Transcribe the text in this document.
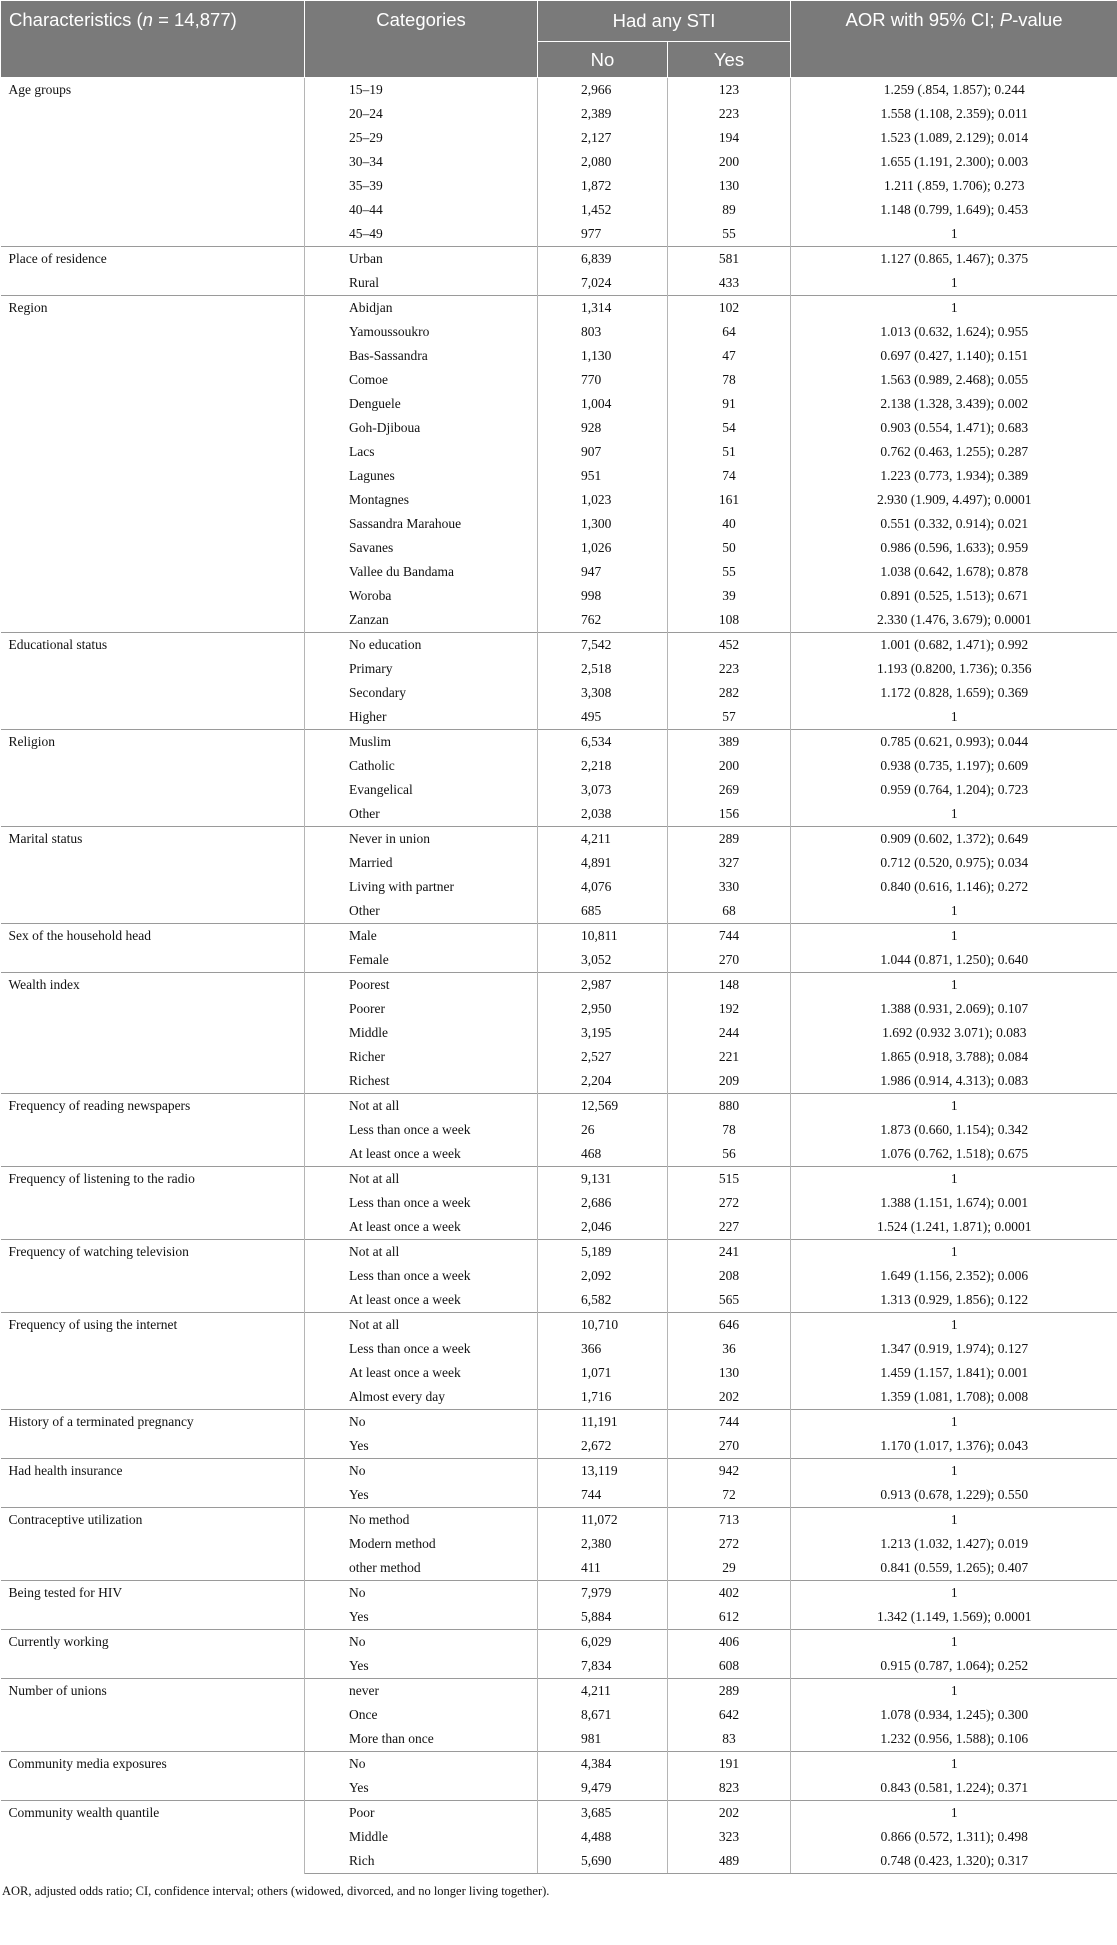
Characteristics (n = 14,877)	Categories	Had any STI		AOR with 95% CI; P-value
		No	Yes	
Age groups	15–19	2,966	123	1.259 (.854, 1.857); 0.244
	20–24	2,389	223	1.558 (1.108, 2.359); 0.011
	25–29	2,127	194	1.523 (1.089, 2.129); 0.014
	30–34	2,080	200	1.655 (1.191, 2.300); 0.003
	35–39	1,872	130	1.211 (.859, 1.706); 0.273
	40–44	1,452	89	1.148 (0.799, 1.649); 0.453
	45–49	977	55	1
Place of residence	Urban	6,839	581	1.127 (0.865, 1.467); 0.375
	Rural	7,024	433	1
Region	Abidjan	1,314	102	1
	Yamoussoukro	803	64	1.013 (0.632, 1.624); 0.955
	Bas-Sassandra	1,130	47	0.697 (0.427, 1.140); 0.151
	Comoe	770	78	1.563 (0.989, 2.468); 0.055
	Denguele	1,004	91	2.138 (1.328, 3.439); 0.002
	Goh-Djiboua	928	54	0.903 (0.554, 1.471); 0.683
	Lacs	907	51	0.762 (0.463, 1.255); 0.287
	Lagunes	951	74	1.223 (0.773, 1.934); 0.389
	Montagnes	1,023	161	2.930 (1.909, 4.497); 0.0001
	Sassandra Marahoue	1,300	40	0.551 (0.332, 0.914); 0.021
	Savanes	1,026	50	0.986 (0.596, 1.633); 0.959
	Vallee du Bandama	947	55	1.038 (0.642, 1.678); 0.878
	Woroba	998	39	0.891 (0.525, 1.513); 0.671
	Zanzan	762	108	2.330 (1.476, 3.679); 0.0001
Educational status	No education	7,542	452	1.001 (0.682, 1.471); 0.992
	Primary	2,518	223	1.193 (0.8200, 1.736); 0.356
	Secondary	3,308	282	1.172 (0.828, 1.659); 0.369
	Higher	495	57	1
Religion	Muslim	6,534	389	0.785 (0.621, 0.993); 0.044
	Catholic	2,218	200	0.938 (0.735, 1.197); 0.609
	Evangelical	3,073	269	0.959 (0.764, 1.204); 0.723
	Other	2,038	156	1
Marital status	Never in union	4,211	289	0.909 (0.602, 1.372); 0.649
	Married	4,891	327	0.712 (0.520, 0.975); 0.034
	Living with partner	4,076	330	0.840 (0.616, 1.146); 0.272
	Other	685	68	1
Sex of the household head	Male	10,811	744	1
	Female	3,052	270	1.044 (0.871, 1.250); 0.640
Wealth index	Poorest	2,987	148	1
	Poorer	2,950	192	1.388 (0.931, 2.069); 0.107
	Middle	3,195	244	1.692 (0.932 3.071); 0.083
	Richer	2,527	221	1.865 (0.918, 3.788); 0.084
	Richest	2,204	209	1.986 (0.914, 4.313); 0.083
Frequency of reading newspapers	Not at all	12,569	880	1
	Less than once a week	26	78	1.873 (0.660, 1.154); 0.342
	At least once a week	468	56	1.076 (0.762, 1.518); 0.675
Frequency of listening to the radio	Not at all	9,131	515	1
	Less than once a week	2,686	272	1.388 (1.151, 1.674); 0.001
	At least once a week	2,046	227	1.524 (1.241, 1.871); 0.0001
Frequency of watching television	Not at all	5,189	241	1
	Less than once a week	2,092	208	1.649 (1.156, 2.352); 0.006
	At least once a week	6,582	565	1.313 (0.929, 1.856); 0.122
Frequency of using the internet	Not at all	10,710	646	1
	Less than once a week	366	36	1.347 (0.919, 1.974); 0.127
	At least once a week	1,071	130	1.459 (1.157, 1.841); 0.001
	Almost every day	1,716	202	1.359 (1.081, 1.708); 0.008
History of a terminated pregnancy	No	11,191	744	1
	Yes	2,672	270	1.170 (1.017, 1.376); 0.043
Had health insurance	No	13,119	942	1
	Yes	744	72	0.913 (0.678, 1.229); 0.550
Contraceptive utilization	No method	11,072	713	1
	Modern method	2,380	272	1.213 (1.032, 1.427); 0.019
	other method	411	29	0.841 (0.559, 1.265); 0.407
Being tested for HIV	No	7,979	402	1
	Yes	5,884	612	1.342 (1.149, 1.569); 0.0001
Currently working	No	6,029	406	1
	Yes	7,834	608	0.915 (0.787, 1.064); 0.252
Number of unions	never	4,211	289	1
	Once	8,671	642	1.078 (0.934, 1.245); 0.300
	More than once	981	83	1.232 (0.956, 1.588); 0.106
Community media exposures	No	4,384	191	1
	Yes	9,479	823	0.843 (0.581, 1.224); 0.371
Community wealth quantile	Poor	3,685	202	1
	Middle	4,488	323	0.866 (0.572, 1.311); 0.498
	Rich	5,690	489	0.748 (0.423, 1.320); 0.317
AOR, adjusted odds ratio; CI, confidence interval; others (widowed, divorced, and no longer living together).
